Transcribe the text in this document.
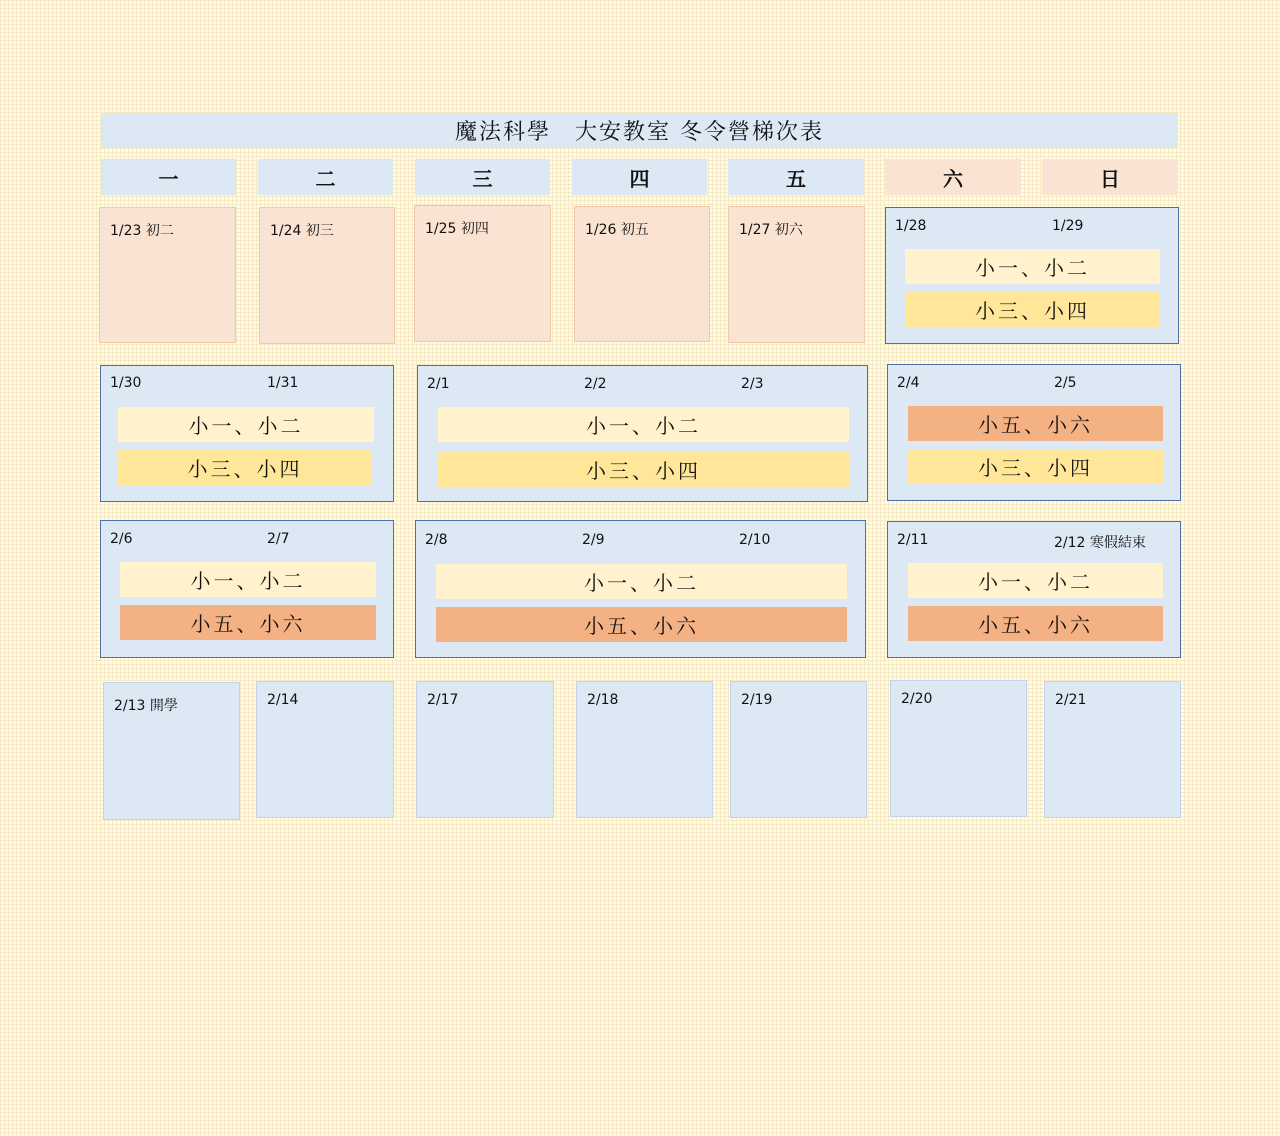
魔法科學　大安教室 冬令營梯次表
一	二	三	四	五	六	日
1/23 初二	1/24 初三	1/25 初四	1/26 初五	1/27 初六	1/28	1/29
小一、小二
小三、小四
1/30	1/31
小一、小二
小三、小四
2/1	2/2	2/3
小一、小二
小三、小四
2/4	2/5
小五、小六
小三、小四
2/6	2/7
小一、小二
小五、小六
2/8	2/9	2/10
小一、小二
小五、小六
2/11	2/12 寒假結束
小一、小二
小五、小六
2/13 開學	2/14	2/17	2/18	2/19	2/20	2/21
